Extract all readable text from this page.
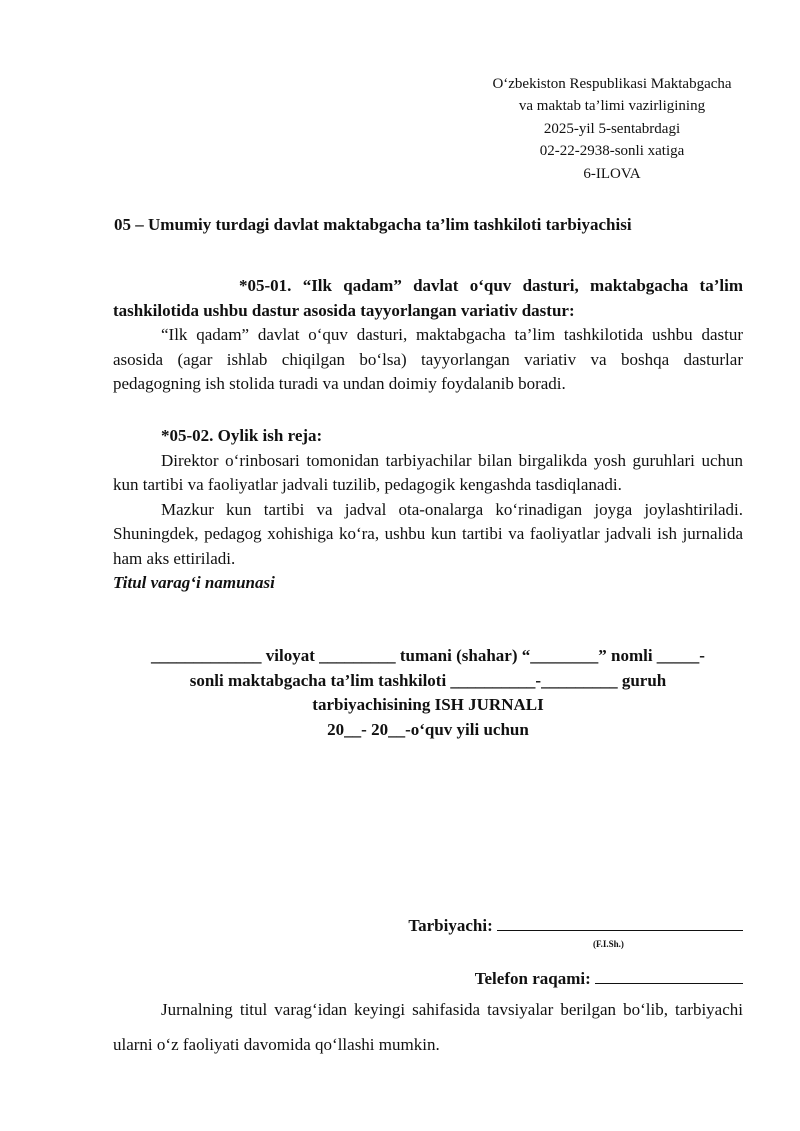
O‘zbekiston Respublikasi Maktabgacha
va maktab ta’limi vazirligining
2025-yil 5-sentabrdagi
02-22-2938-sonli xatiga
6-ILOVA
05 – Umumiy turdagi davlat maktabgacha ta’lim tashkiloti tarbiyachisi

*05-01. “Ilk qadam” davlat o‘quv dasturi, maktabgacha ta’lim tashkilotida ushbu dastur asosida tayyorlangan variativ dastur:

“Ilk qadam” davlat o‘quv dasturi, maktabgacha ta’lim tashkilotida ushbu dastur asosida (agar ishlab chiqilgan bo‘lsa) tayyorlangan variativ va boshqa dasturlar pedagogning ish stolida turadi va undan doimiy foydalanib boradi.

*05-02. Oylik ish reja:

Direktor o‘rinbosari tomonidan tarbiyachilar bilan birgalikda yosh guruhlari uchun kun tartibi va faoliyatlar jadvali tuzilib, pedagogik kengashda tasdiqlanadi.

Mazkur kun tartibi va jadval ota-onalarga ko‘rinadigan joyga joylashtiriladi. Shuningdek, pedagog xohishiga ko‘ra, ushbu kun tartibi va faoliyatlar jadvali ish jurnalida ham aks ettiriladi.

Titul varag‘i namunasi

_____________ viloyat _________ tumani (shahar) “________” nomli _____-
sonli maktabgacha ta’lim tashkiloti __________-_________ guruh
tarbiyachisining ISH JURNALI
20__- 20__-o‘quv yili uchun
Tarbiyachi:
(F.I.Sh.)
Telefon raqami:

Jurnalning titul varag‘idan keyingi sahifasida tavsiyalar berilgan bo‘lib, tarbiyachi ularni o‘z faoliyati davomida qo‘llashi mumkin.
